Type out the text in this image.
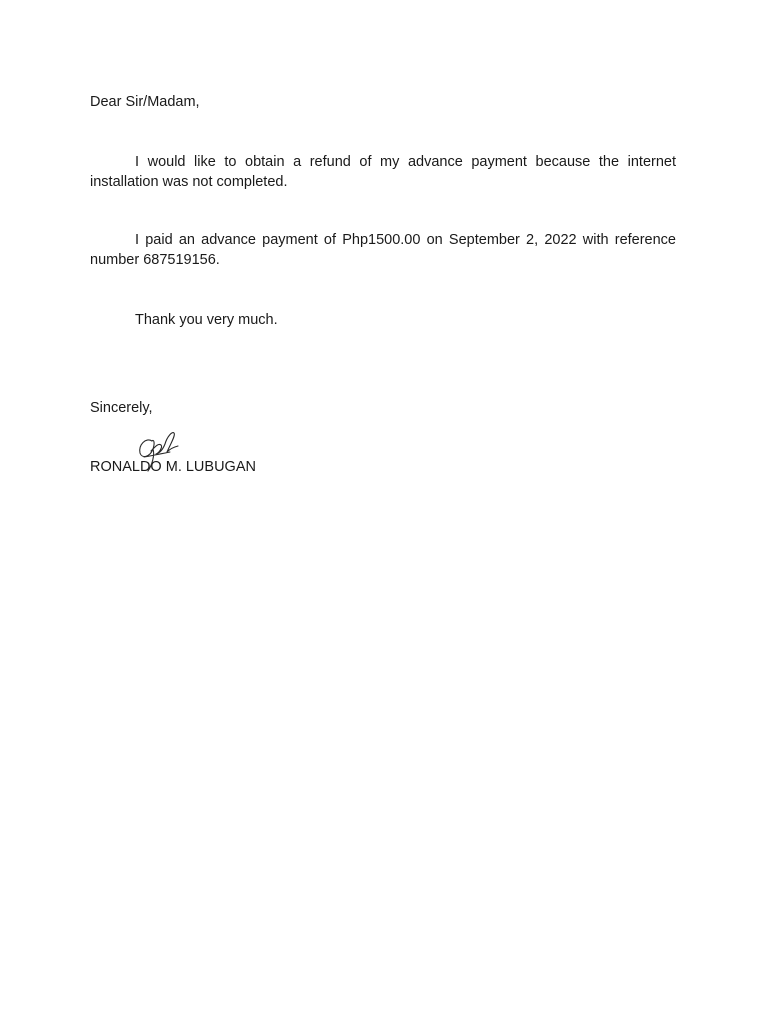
Dear Sir/Madam,

I would like to obtain a refund of my advance payment because the internet installation was not completed.

I paid an advance payment of Php1500.00 on September 2, 2022 with reference number 687519156.

Thank you very much.

Sincerely,

RONALDO M. LUBUGAN
